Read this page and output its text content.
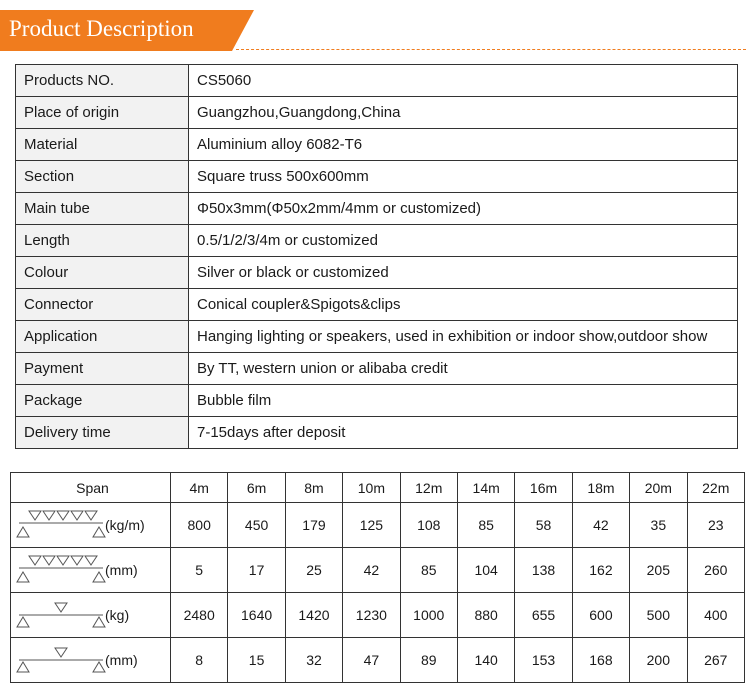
Product Description
Products NO.	CS5060
Place of origin	Guangzhou,Guangdong,China
Material	Aluminium alloy 6082-T6
Section	Square truss 500x600mm
Main tube	Φ50x3mm(Φ50x2mm/4mm or customized)
Length	0.5/1/2/3/4m or customized
Colour	Silver or black or customized
Connector	Conical coupler&Spigots&clips
Application	Hanging lighting or speakers, used in exhibition or indoor show,outdoor show
Payment	By TT, western union or alibaba credit
Package	Bubble film
Delivery time	7-15days after deposit
Span	4m	6m	8m	10m	12m	14m	16m	18m	20m	22m
(kg/m)	800	450	179	125	108	85	58	42	35	23
(mm)	5	17	25	42	85	104	138	162	205	260
(kg)	2480	1640	1420	1230	1000	880	655	600	500	400
(mm)	8	15	32	47	89	140	153	168	200	267
